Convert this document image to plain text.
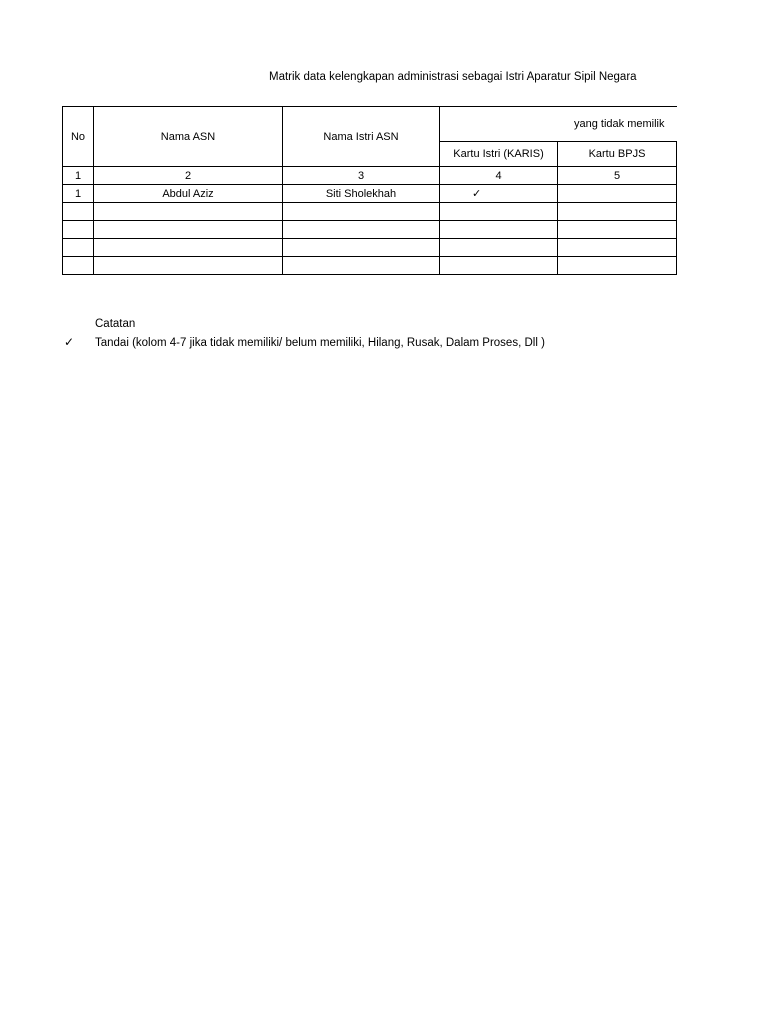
Matrik data kelengkapan administrasi sebagai Istri Aparatur Sipil Negara
No	Nama ASN	Nama Istri ASN	yang tidak memilik		
			Kartu Istri (KARIS)	Kartu BPJS	
1	2	3	4	5	
1	Abdul Aziz	Siti Sholekhah	✓		

Catatan
✓ Tandai (kolom 4-7 jika tidak memiliki/ belum memiliki, Hilang, Rusak, Dalam Proses, Dll )
